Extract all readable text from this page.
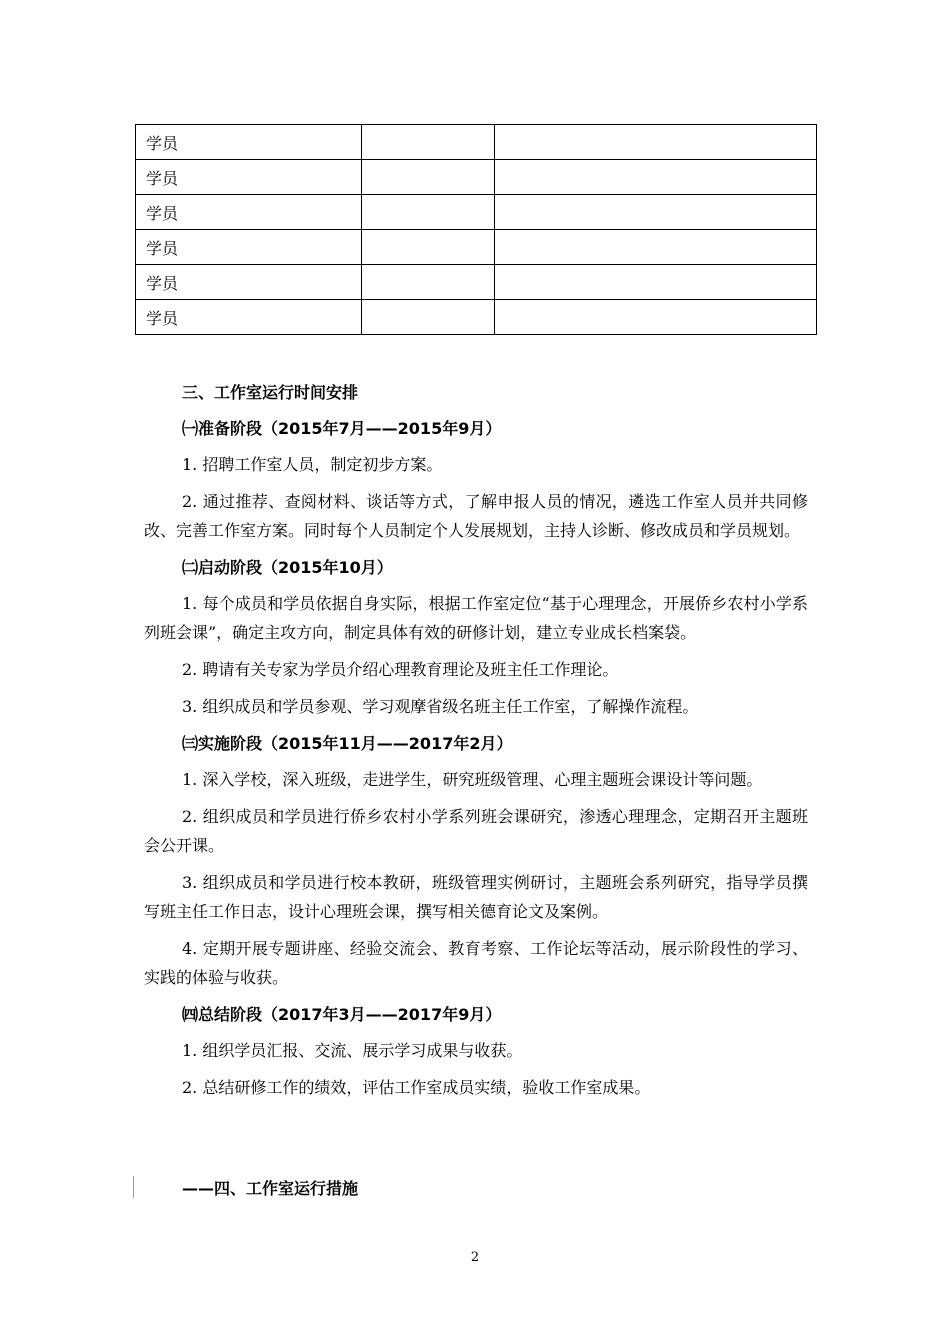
学员		
学员		
学员		
学员		
学员		
学员		
三、工作室运行时间安排
㈠准备阶段（2015年7月——2015年9月）
1. 招聘工作室人员，制定初步方案。
2. 通过推荐、查阅材料、谈话等方式，了解申报人员的情况，遴选工作室人员并共同修改、完善工作室方案。同时每个人员制定个人发展规划，主持人诊断、修改成员和学员规划。
㈡启动阶段（2015年10月）
1. 每个成员和学员依据自身实际，根据工作室定位“基于心理理念，开展侨乡农村小学系列班会课”，确定主攻方向，制定具体有效的研修计划，建立专业成长档案袋。
2. 聘请有关专家为学员介绍心理教育理论及班主任工作理论。
3. 组织成员和学员参观、学习观摩省级名班主任工作室，了解操作流程。
㈢实施阶段（2015年11月——2017年2月）
1. 深入学校，深入班级，走进学生，研究班级管理、心理主题班会课设计等问题。
2. 组织成员和学员进行侨乡农村小学系列班会课研究，渗透心理理念，定期召开主题班会公开课。
3. 组织成员和学员进行校本教研，班级管理实例研讨，主题班会系列研究，指导学员撰写班主任工作日志，设计心理班会课，撰写相关德育论文及案例。
4. 定期开展专题讲座、经验交流会、教育考察、工作论坛等活动，展示阶段性的学习、实践的体验与收获。
㈣总结阶段（2017年3月——2017年9月）
1. 组织学员汇报、交流、展示学习成果与收获。
2. 总结研修工作的绩效，评估工作室成员实绩，验收工作室成果。
——四、工作室运行措施
2
